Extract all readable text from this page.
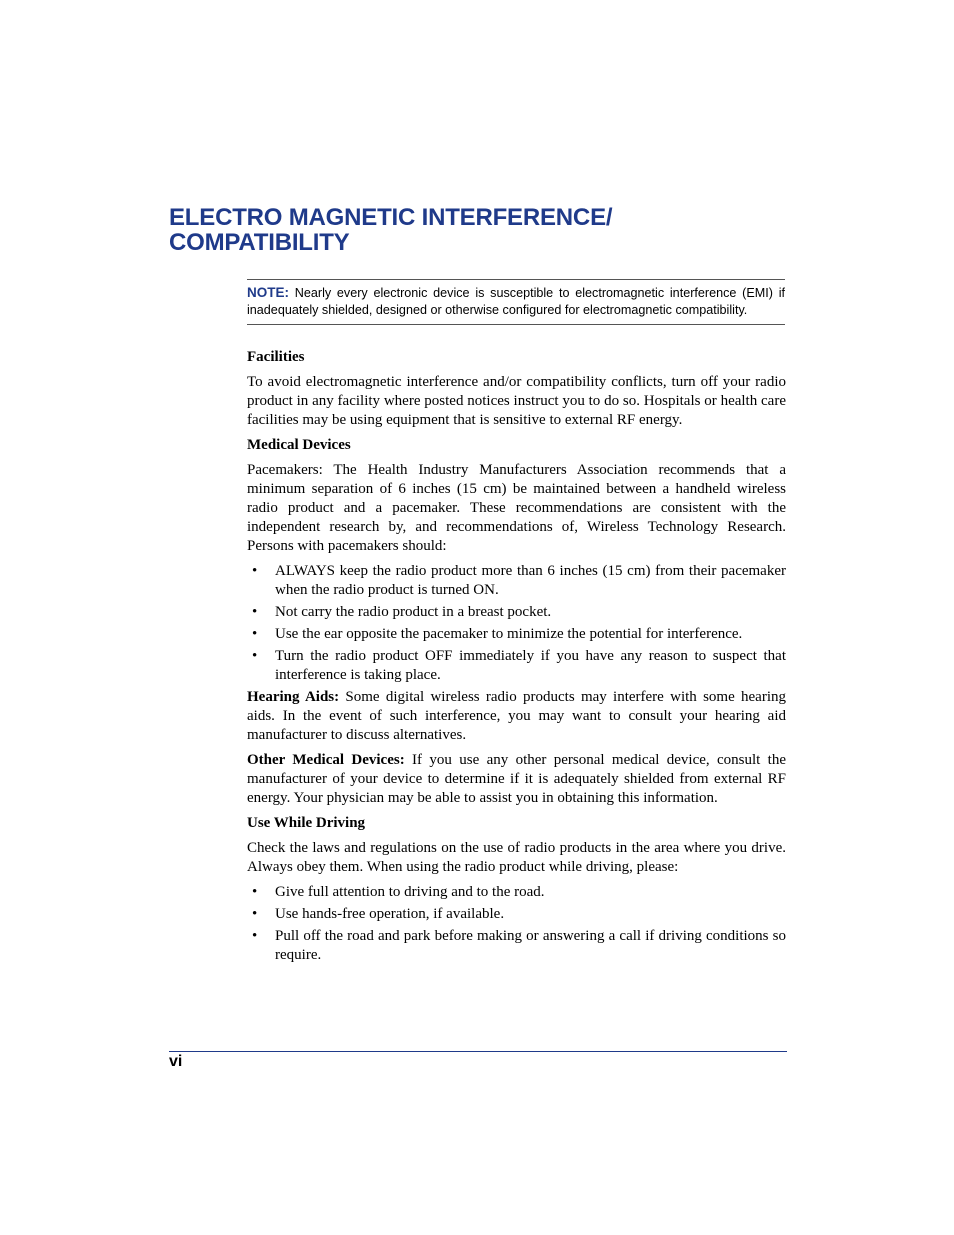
ELECTRO MAGNETIC INTERFERENCE/
COMPATIBILITY
NOTE: Nearly every electronic device is susceptible to electromagnetic interference (EMI) if inadequately shielded, designed or otherwise configured for electromagnetic compatibility.
Facilities

To avoid electromagnetic interference and/or compatibility conflicts, turn off your radio product in any facility where posted notices instruct you to do so. Hospitals or health care facilities may be using equipment that is sensitive to external RF energy.

Medical Devices

Pacemakers: The Health Industry Manufacturers Association recommends that a minimum separation of 6 inches (15 cm) be maintained between a handheld wireless radio product and a pacemaker. These recommendations are consistent with the independent research by, and recommendations of, Wireless Technology Research. Persons with pacemakers should:

•	ALWAYS keep the radio product more than 6 inches (15 cm) from their pacemaker when the radio product is turned ON.
•	Not carry the radio product in a breast pocket.
•	Use the ear opposite the pacemaker to minimize the potential for interference.
•	Turn the radio product OFF immediately if you have any reason to suspect that interference is taking place.

Hearing Aids: Some digital wireless radio products may interfere with some hearing aids. In the event of such interference, you may want to consult your hearing aid manufacturer to discuss alternatives.

Other Medical Devices: If you use any other personal medical device, consult the manufacturer of your device to determine if it is adequately shielded from external RF energy. Your physician may be able to assist you in obtaining this information.

Use While Driving

Check the laws and regulations on the use of radio products in the area where you drive. Always obey them. When using the radio product while driving, please:

•	Give full attention to driving and to the road.
•	Use hands-free operation, if available.
•	Pull off the road and park before making or answering a call if driving conditions so require.
vi
